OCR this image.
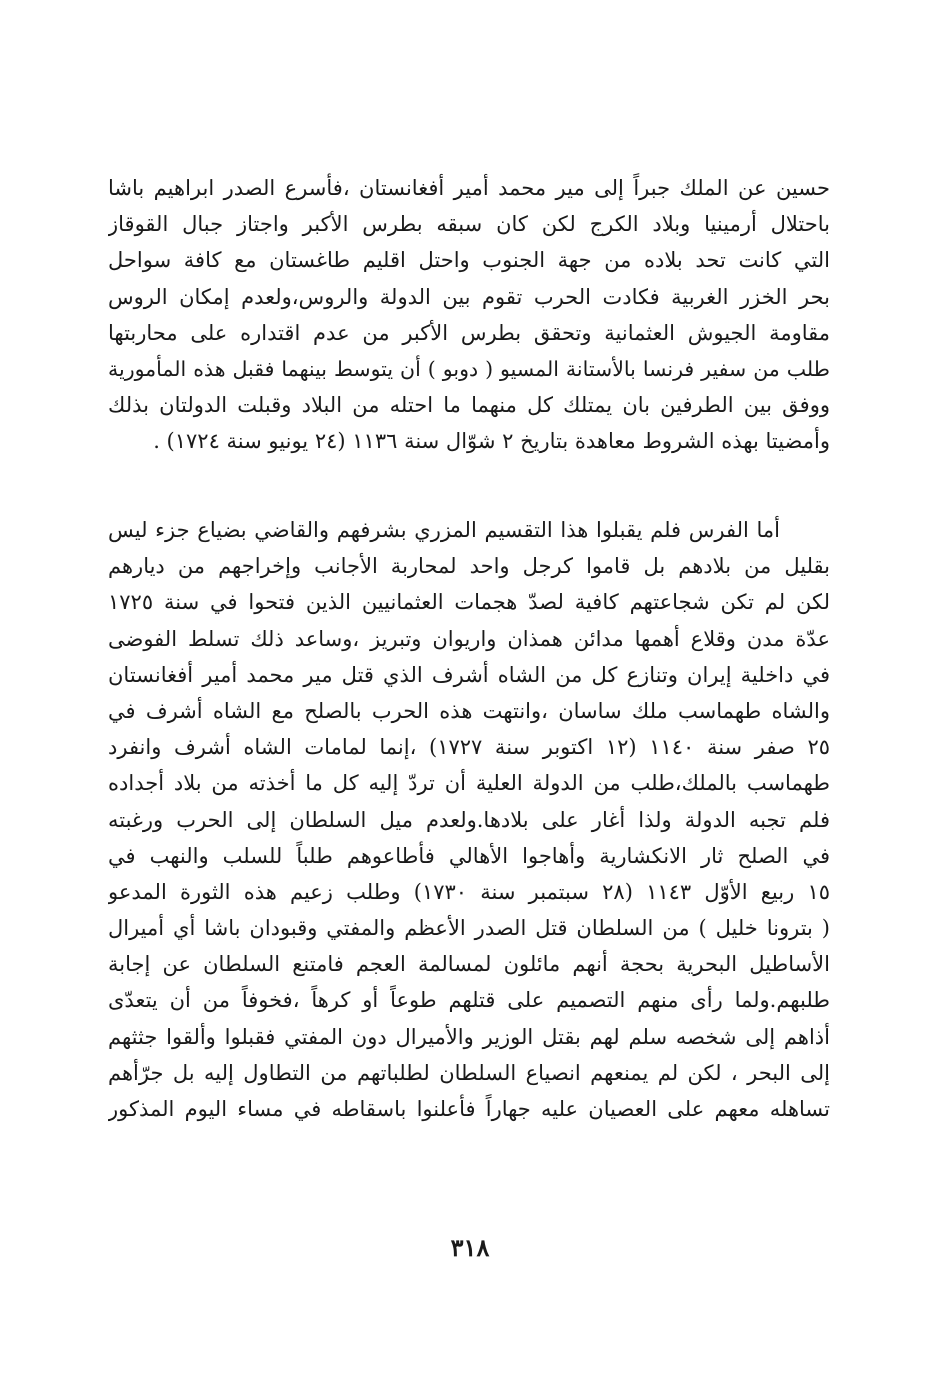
حسين عن الملك جبراً إلى مير محمد أمير أفغانستان ،فأسرع الصدر ابراهيم باشا
باحتلال أرمينيا وبلاد الكرج لكن كان سبقه بطرس الأكبر واجتاز جبال القوقاز
التي كانت تحد بلاده من جهة الجنوب واحتل اقليم طاغستان مع كافة سواحل
بحر الخزر الغربية فكادت الحرب تقوم بين الدولة والروس،ولعدم إمكان الروس
مقاومة الجيوش العثمانية وتحقق بطرس الأكبر من عدم اقتداره على محاربتها
طلب من سفير فرنسا بالأستانة المسيو ( دوبو ) أن يتوسط بينهما فقبل هذه المأمورية
ووفق بين الطرفين بان يمتلك كل منهما ما احتله من البلاد وقبلت الدولتان بذلك
وأمضيتا بهذه الشروط معاهدة بتاريخ ٢ شوّال سنة ١١٣٦ (٢٤ يونيو سنة ١٧٢٤) .
أما الفرس فلم يقبلوا هذا التقسيم المزري بشرفهم والقاضي بضياع جزء ليس
بقليل من بلادهم بل قاموا كرجل واحد لمحاربة الأجانب وإخراجهم من ديارهم
لكن لم تكن شجاعتهم كافية لصدّ هجمات العثمانيين الذين فتحوا في سنة ١٧٢٥
عدّة مدن وقلاع أهمها مدائن همذان واريوان وتبريز ،وساعد ذلك تسلط الفوضى
في داخلية إيران وتنازع كل من الشاه أشرف الذي قتل مير محمد أمير أفغانستان
والشاه طهماسب ملك ساسان ،وانتهت هذه الحرب بالصلح مع الشاه أشرف في
٢٥ صفر سنة ١١٤٠ (١٢ اكتوبر سنة ١٧٢٧) ،إنما لمامات الشاه أشرف وانفرد
طهماسب بالملك،طلب من الدولة العلية أن تردّ إليه كل ما أخذته من بلاد أجداده
فلم تجبه الدولة ولذا أغار على بلادها.ولعدم ميل السلطان إلى الحرب ورغبته
في الصلح ثار الانكشارية وأهاجوا الأهالي فأطاعوهم طلباً للسلب والنهب في
١٥ ربيع الأوّل ١١٤٣ (٢٨ سبتمبر سنة ١٧٣٠) وطلب زعيم هذه الثورة المدعو
( بترونا خليل ) من السلطان قتل الصدر الأعظم والمفتي وقبودان باشا أي أميرال
الأساطيل البحرية بحجة أنهم مائلون لمسالمة العجم فامتنع السلطان عن إجابة
طلبهم.ولما رأى منهم التصميم على قتلهم طوعاً أو كرهاً ،فخوفاً من أن يتعدّى
أذاهم إلى شخصه سلم لهم بقتل الوزير والأميرال دون المفتي فقبلوا وألقوا جثثهم
إلى البحر ، لكن لم يمنعهم انصياع السلطان لطلباتهم من التطاول إليه بل جرّأهم
تساهله معهم على العصيان عليه جهاراً فأعلنوا باسقاطه في مساء اليوم المذكور
٣١٨
